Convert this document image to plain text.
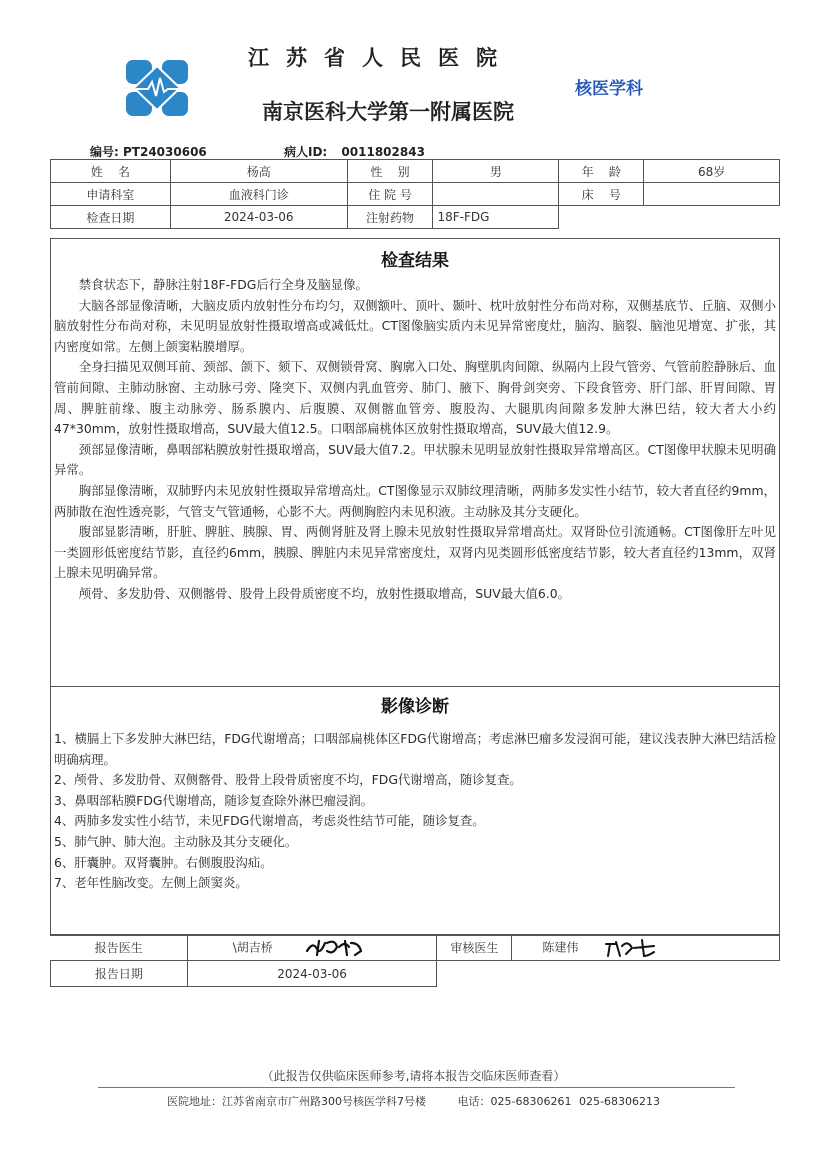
江苏省人民医院
南京医科大学第一附属医院
核医学科
编号: PT24030606	病人ID: 0011802843
姓    名	杨高	性    别	男	年    龄	68岁
申请科室	血液科门诊	住 院 号		床    号	
检查日期	2024-03-06	注射药物	18F-FDG		
检查结果

禁食状态下，静脉注射18F-FDG后行全身及脑显像。

大脑各部显像清晰，大脑皮质内放射性分布均匀，双侧额叶、顶叶、颞叶、枕叶放射性分布尚对称，双侧基底节、丘脑、双侧小脑放射性分布尚对称，未见明显放射性摄取增高或减低灶。CT图像脑实质内未见异常密度灶，脑沟、脑裂、脑池见增宽、扩张，其内密度如常。左侧上颌窦粘膜增厚。

全身扫描见双侧耳前、颈部、颌下、颏下、双侧锁骨窝、胸廓入口处、胸壁肌肉间隙、纵隔内上段气管旁、气管前腔静脉后、血管前间隙、主肺动脉窗、主动脉弓旁、隆突下、双侧内乳血管旁、肺门、腋下、胸骨剑突旁、下段食管旁、肝门部、肝胃间隙、胃周、脾脏前缘、腹主动脉旁、肠系膜内、后腹膜、双侧髂血管旁、腹股沟、大腿肌肉间隙多发肿大淋巴结，较大者大小约47*30mm，放射性摄取增高，SUV最大值12.5。口咽部扁桃体区放射性摄取增高，SUV最大值12.9。

颈部显像清晰，鼻咽部粘膜放射性摄取增高，SUV最大值7.2。甲状腺未见明显放射性摄取异常增高区。CT图像甲状腺未见明确异常。

胸部显像清晰，双肺野内未见放射性摄取异常增高灶。CT图像显示双肺纹理清晰，两肺多发实性小结节，较大者直径约9mm，两肺散在泡性透亮影，气管支气管通畅，心影不大。两侧胸腔内未见积液。主动脉及其分支硬化。

腹部显影清晰，肝脏、脾脏、胰腺、胃、两侧肾脏及肾上腺未见放射性摄取异常增高灶。双肾卧位引流通畅。CT图像肝左叶见一类圆形低密度结节影，直径约6mm，胰腺、脾脏内未见异常密度灶，双肾内见类圆形低密度结节影，较大者直径约13mm，双肾上腺未见明确异常。

颅骨、多发肋骨、双侧髂骨、股骨上段骨质密度不均，放射性摄取增高，SUV最大值6.0。

影像诊断

1、横膈上下多发肿大淋巴结，FDG代谢增高；口咽部扁桃体区FDG代谢增高；考虑淋巴瘤多发浸润可能，建议浅表肿大淋巴结活检明确病理。

2、颅骨、多发肋骨、双侧髂骨、股骨上段骨质密度不均，FDG代谢增高，随诊复查。

3、鼻咽部粘膜FDG代谢增高，随诊复查除外淋巴瘤浸润。

4、两肺多发实性小结节，未见FDG代谢增高，考虑炎性结节可能，随诊复查。

5、肺气肿、肺大泡。主动脉及其分支硬化。

6、肝囊肿。双肾囊肿。右侧腹股沟疝。

7、老年性脑改变。左侧上颌窦炎。

报告医生	\胡吉桥	审核医生	陈建伟
报告日期	2024-03-06		
（此报告仅供临床医师参考,请将本报告交临床医师查看）
医院地址：江苏省南京市广州路300号核医学科7号楼	电话：025-68306261 025-68306213
